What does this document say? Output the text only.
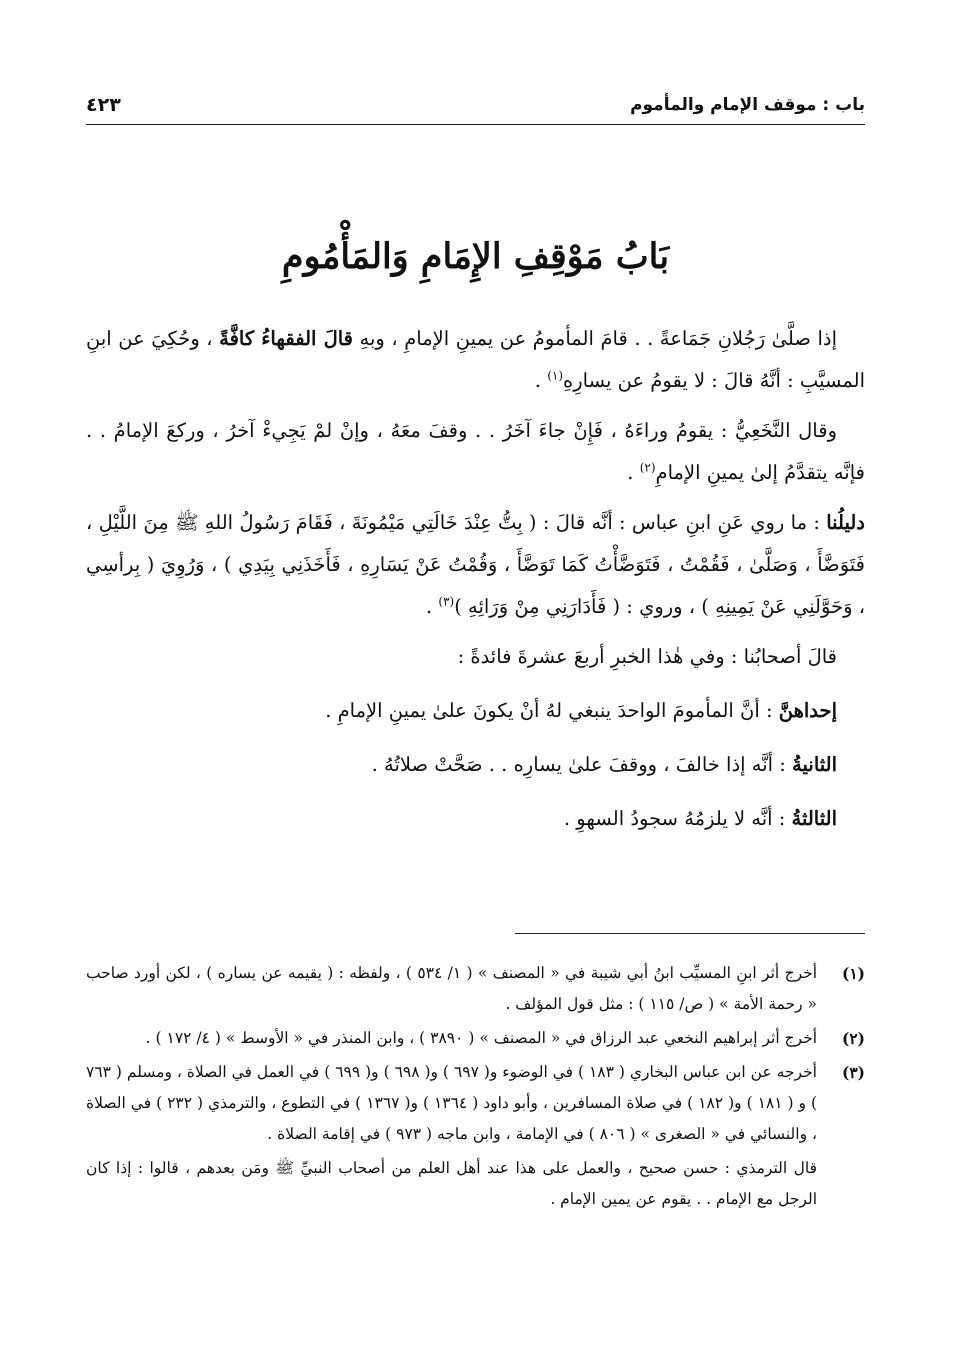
باب : موقف الإمام والمأموم
٤٢٣
بَابُ مَوْقِفِ الإِمَامِ وَالمَأْمُومِ

إذا صلَّىٰ رَجُلانِ جَمَاعةً . . قامَ المأمومُ عن يمينِ الإمامِ ، وبهِ قالَ الفقهاءُ كافَّةً ، وحُكِيَ عن ابنِ المسيَّبِ : أنَّهُ قالَ : لا يقومُ عن يسارِهِ$^{(١)}$ .

وقال النَّخَعِيُّ : يقومُ وراءَهُ ، فَإِنْ جاءَ آخَرُ . . وقفَ معَهُ ، وإنْ لمْ يَجِيءْ آخرُ ، وركعَ الإمامُ . . فإنَّه يتقدَّمُ إلىٰ يمينِ الإمامِ$^{(٢)}$ .

دليلُنا : ما روي عَنِ ابنِ عباس : أنَّه قالَ : ( بِتُّ عِنْدَ خَالَتِي مَيْمُونَةَ ، فَقَامَ رَسُولُ اللهِ ﷺ مِنَ اللَّيْلِ ، فَتَوَضَّأَ ، وَصَلَّىٰ ، فَقُمْتُ ، فَتَوَضَّأْتُ كَمَا تَوَضَّأَ ، وَقُمْتُ عَنْ يَسَارِهِ ، فَأَخَذَنِي بِيَدِي ) ، وَرُوِيَ ( بِرأسِي ، وَحَوَّلَنِي عَنْ يَمِينِهِ ) ، وروي : ( فَأَدَارَنِي مِنْ وَرَائِهِ )$^{(٣)}$ .

قالَ أصحابُنا : وفي هٰذا الخبرِ أربعَ عشرةَ فائدةً :

إحداهنَّ : أنَّ المأمومَ الواحدَ ينبغي لهُ أنْ يكونَ علىٰ يمينِ الإمامِ .

الثانيةُ : أنَّه إذا خالفَ ، ووقفَ علىٰ يسارِه . . صَحَّتْ صلاتُهُ .

الثالثةُ : أنَّه لا يلزمُهُ سجودُ السهوِ .

(١)
أخرج أثر ابنِ المسيِّب ابنُ أبي شيبة في « المصنف » ( ١/ ٥٣٤ ) ، ولفظه : ( يقيمه عن يساره ) ، لكن أورد صاحب « رحمة الأمة » ( ص/ ١١٥ ) : مثل قول المؤلف .
(٢)
أخرج أثر إبراهيم النخعي عبد الرزاق في « المصنف » ( ٣٨٩٠ ) ، وابن المنذر في « الأوسط » ( ٤/ ١٧٢ ) .
(٣)
أخرجه عن ابن عباس البخاري ( ١٨٣ ) في الوضوء و( ٦٩٧ ) و( ٦٩٨ ) و( ٦٩٩ ) في العمل في الصلاة ، ومسلم ( ٧٦٣ ) و ( ١٨١ ) و( ١٨٢ ) في صلاة المسافرين ، وأبو داود ( ١٣٦٤ ) و( ١٣٦٧ ) في التطوع ، والترمذي ( ٢٣٢ ) في الصلاة ، والنسائي في « الصغرى » ( ٨٠٦ ) في الإمامة ، وابن ماجه ( ٩٧٣ ) في إقامة الصلاة .

قال الترمذي : حسن صحيح ، والعمل على هذا عند أهل العلم من أصحاب النبيِّ ﷺ ومَن بعدهم ، قالوا : إذا كان الرجل مع الإمام . . يقوم عن يمين الإمام .
